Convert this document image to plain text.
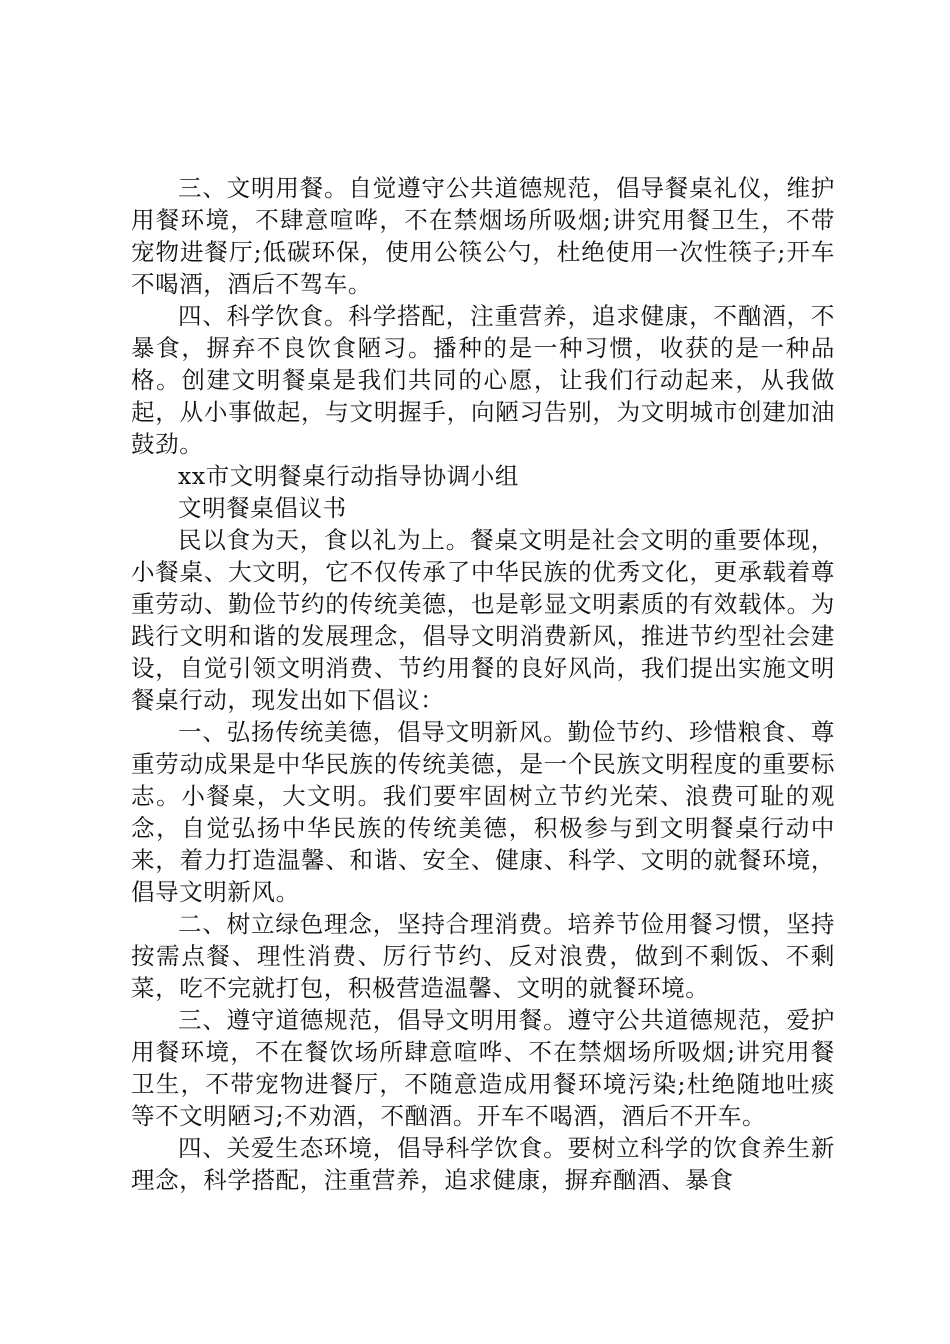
三、文明用餐。自觉遵守公共道德规范，倡导餐桌礼仪，维护用餐环境，不肆意喧哗，不在禁烟场所吸烟;讲究用餐卫生，不带宠物进餐厅;低碳环保，使用公筷公勺，杜绝使用一次性筷子;开车不喝酒，酒后不驾车。

四、科学饮食。科学搭配，注重营养，追求健康，不酗酒，不暴食，摒弃不良饮食陋习。播种的是一种习惯，收获的是一种品格。创建文明餐桌是我们共同的心愿，让我们行动起来，从我做起，从小事做起，与文明握手，向陋习告别，为文明城市创建加油鼓劲。

xx市文明餐桌行动指导协调小组

文明餐桌倡议书

民以食为天，食以礼为上。餐桌文明是社会文明的重要体现，小餐桌、大文明，它不仅传承了中华民族的优秀文化，更承载着尊重劳动、勤俭节约的传统美德，也是彰显文明素质的有效载体。为践行文明和谐的发展理念，倡导文明消费新风，推进节约型社会建设，自觉引领文明消费、节约用餐的良好风尚，我们提出实施文明餐桌行动，现发出如下倡议：

一、弘扬传统美德，倡导文明新风。勤俭节约、珍惜粮食、尊重劳动成果是中华民族的传统美德，是一个民族文明程度的重要标志。小餐桌，大文明。我们要牢固树立节约光荣、浪费可耻的观念，自觉弘扬中华民族的传统美德，积极参与到文明餐桌行动中来，着力打造温馨、和谐、安全、健康、科学、文明的就餐环境，倡导文明新风。

二、树立绿色理念，坚持合理消费。培养节俭用餐习惯，坚持按需点餐、理性消费、厉行节约、反对浪费，做到不剩饭、不剩菜，吃不完就打包，积极营造温馨、文明的就餐环境。

三、遵守道德规范，倡导文明用餐。遵守公共道德规范，爱护用餐环境，不在餐饮场所肆意喧哗、不在禁烟场所吸烟;讲究用餐卫生，不带宠物进餐厅，不随意造成用餐环境污染;杜绝随地吐痰等不文明陋习;不劝酒，不酗酒。开车不喝酒，酒后不开车。

四、关爱生态环境，倡导科学饮食。要树立科学的饮食养生新理念，科学搭配，注重营养，追求健康，摒弃酗酒、暴食
